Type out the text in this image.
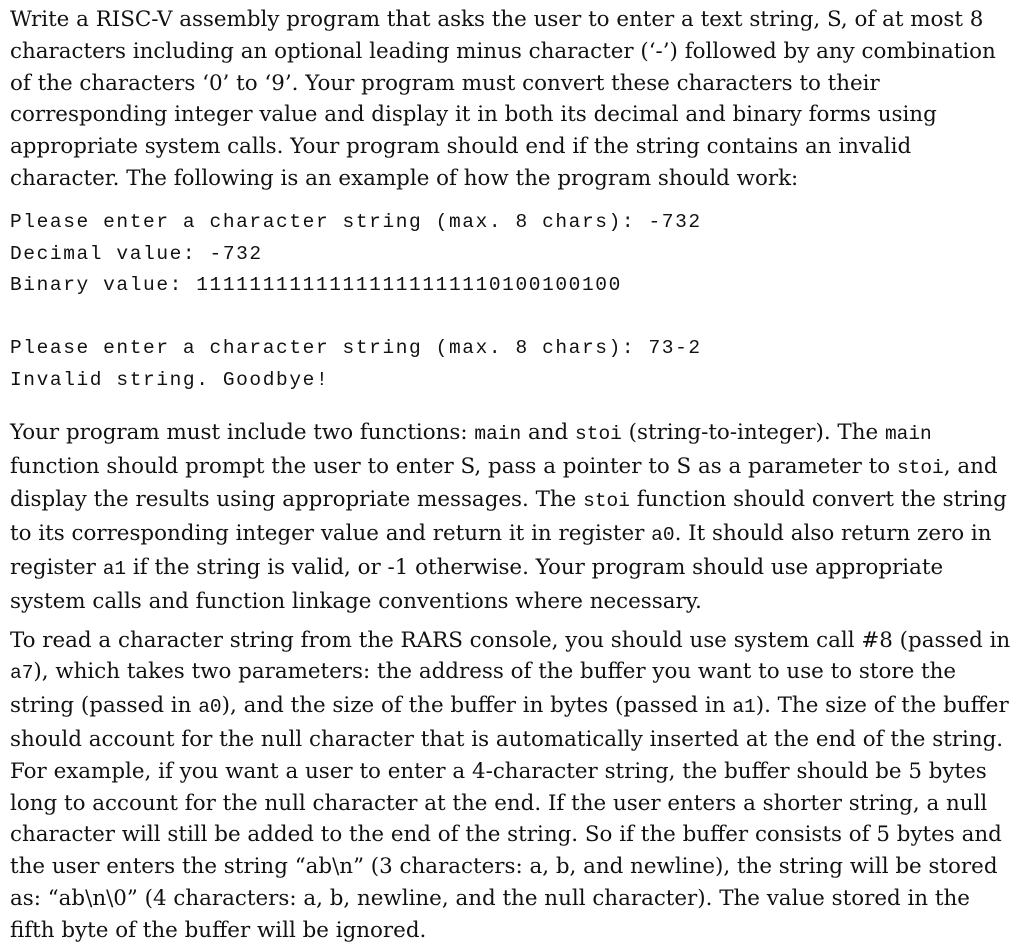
Write a RISC-V assembly program that asks the user to enter a text string, S, of at most 8 characters including an optional leading minus character (‘-’) followed by any combination of the characters ‘0’ to ‘9’. Your program must convert these characters to their corresponding integer value and display it in both its decimal and binary forms using appropriate system calls. Your program should end if the string contains an invalid character. The following is an example of how the program should work:

Please enter a character string (max. 8 chars): -732

Decimal value: -732

Binary value: 11111111111111111111110100100100

Please enter a character string (max. 8 chars): 73-2

Invalid string. Goodbye!

Your program must include two functions: main and stoi (string-to-integer). The main function should prompt the user to enter S, pass a pointer to S as a parameter to stoi, and display the results using appropriate messages. The stoi function should convert the string to its corresponding integer value and return it in register a0. It should also return zero in register a1 if the string is valid, or -1 otherwise. Your program should use appropriate system calls and function linkage conventions where necessary.

To read a character string from the RARS console, you should use system call #8 (passed in a7), which takes two parameters: the address of the buffer you want to use to store the string (passed in a0), and the size of the buffer in bytes (passed in a1). The size of the buffer should account for the null character that is automatically inserted at the end of the string. For example, if you want a user to enter a 4-character string, the buffer should be 5 bytes long to account for the null character at the end. If the user enters a shorter string, a null character will still be added to the end of the string. So if the buffer consists of 5 bytes and the user enters the string “ab\n” (3 characters: a, b, and newline), the string will be stored as: “ab\n\0” (4 characters: a, b, newline, and the null character). The value stored in the fifth byte of the buffer will be ignored.
